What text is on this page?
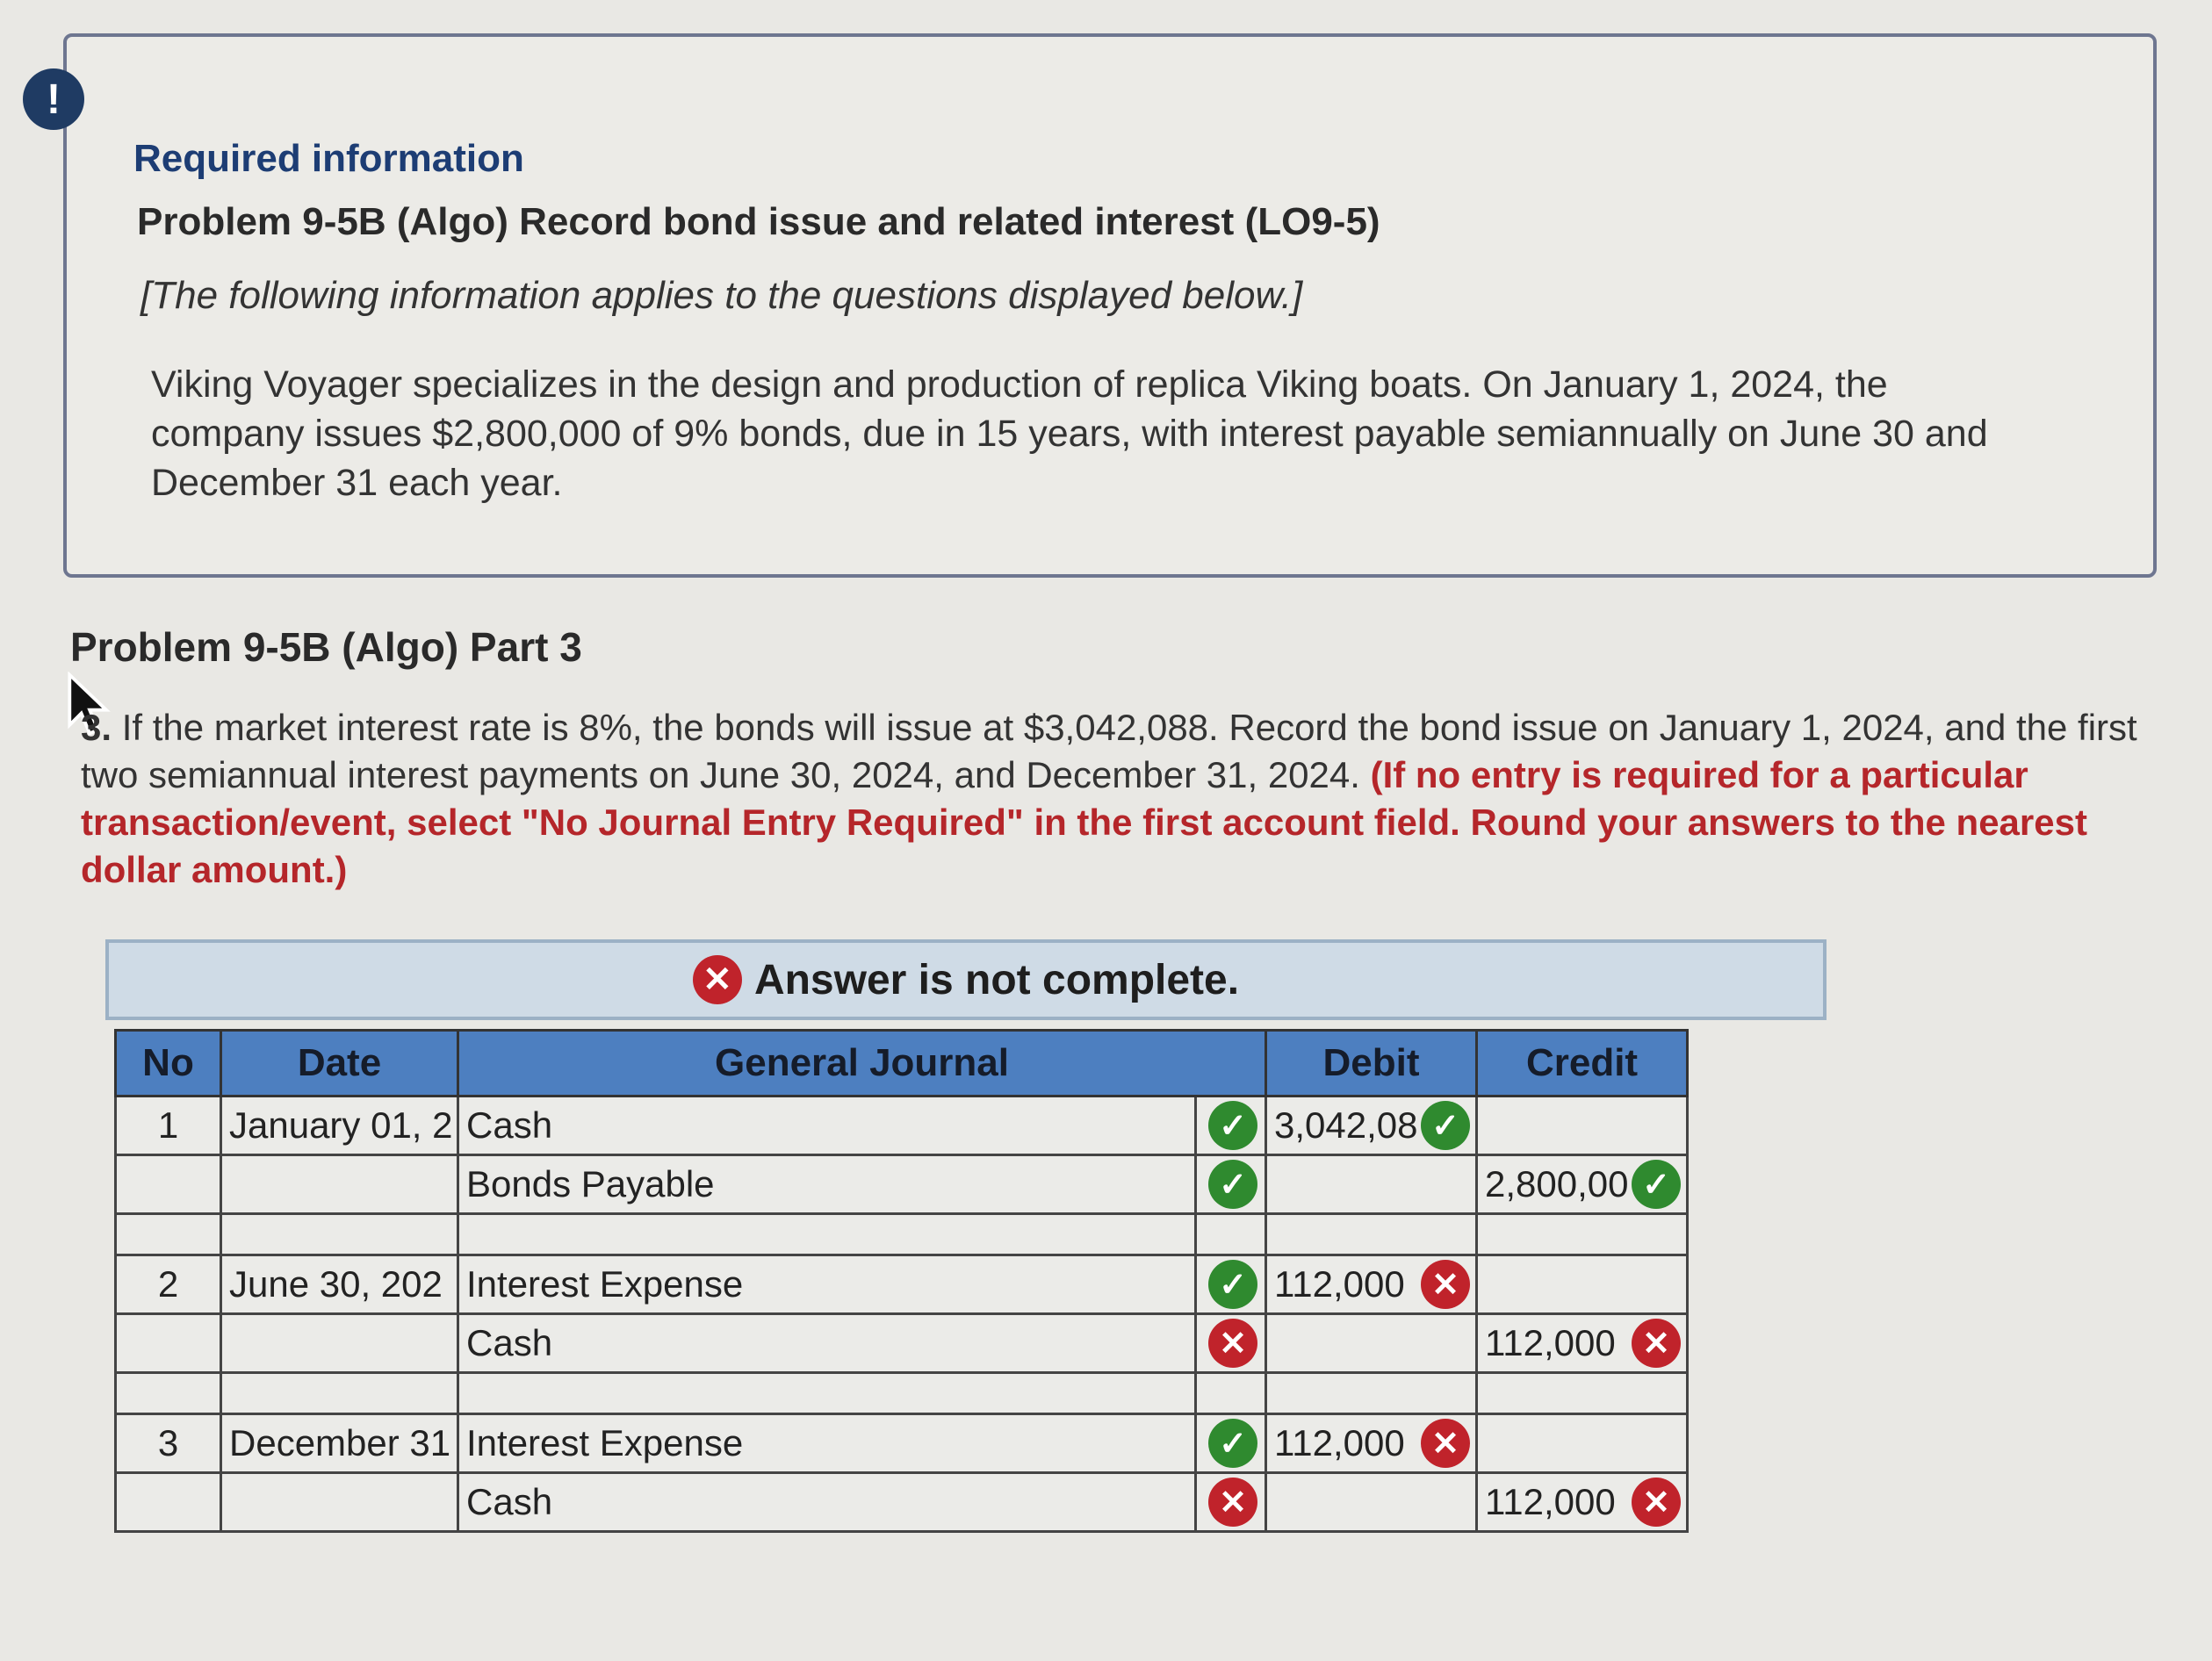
!
Required information
Problem 9-5B (Algo) Record bond issue and related interest (LO9-5)
[The following information applies to the questions displayed below.]
Viking Voyager specializes in the design and production of replica Viking boats. On January 1, 2024, the company issues $2,800,000 of 9% bonds, due in 15 years, with interest payable semiannually on June 30 and December 31 each year.
Problem 9-5B (Algo) Part 3
3. If the market interest rate is 8%, the bonds will issue at $3,042,088. Record the bond issue on January 1, 2024, and the first two semiannual interest payments on June 30, 2024, and December 31, 2024. (If no entry is required for a particular transaction/event, select "No Journal Entry Required" in the first account field. Round your answers to the nearest dollar amount.)
✕ Answer is not complete.
No	Date	General Journal		Debit	Credit
1	January 01, 2	Cash	✓	3,042,08 ✓	

		Bonds Payable	✓		2,800,00 ✓

2	June 30, 202	Interest Expense	✓	112,000 ✕	

		Cash	✕		112,000 ✕

3	December 31	Interest Expense	✓	112,000 ✕	

		Cash	✕		112,000 ✕
